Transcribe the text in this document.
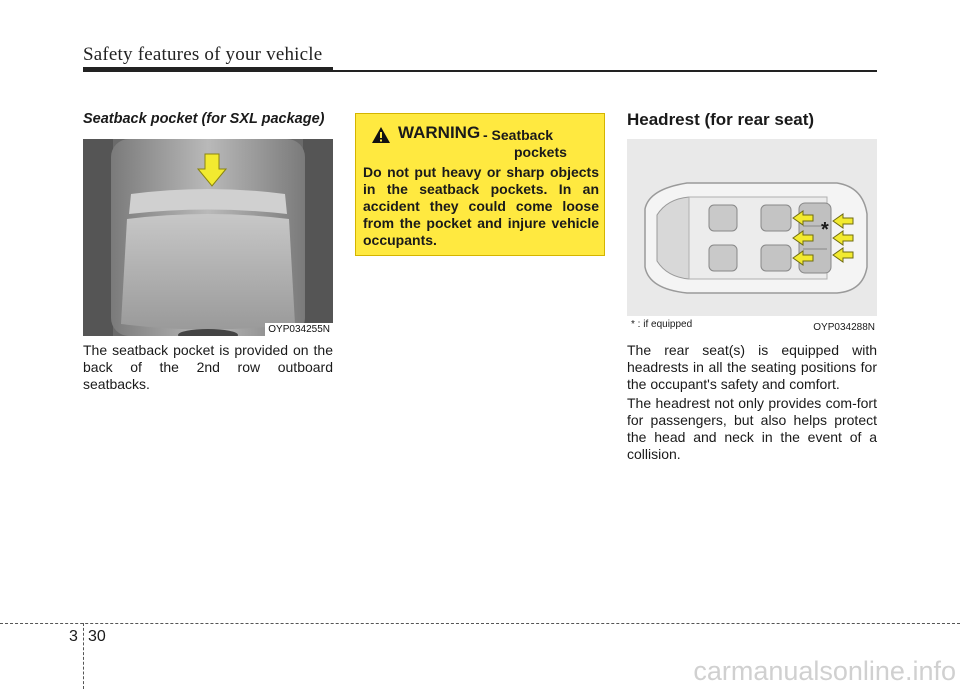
Safety features of your vehicle
Seatback pocket (for SXL package)
OYP034255N
The seatback pocket is provided on the back of the 2nd row outboard seatbacks.
WARNING - Seatback
pockets
Do not put heavy or sharp objects in the seatback pockets. In an accident they could come loose from the pocket and injure vehicle occupants.
Headrest (for rear seat)
*
* : if equipped	OYP034288N
The rear seat(s) is equipped with headrests in all the seating positions for the occupant's safety and comfort.
The headrest not only provides com-fort for passengers, but also helps protect the head and neck in the event of a collision.
3 30
carmanualsonline.info
